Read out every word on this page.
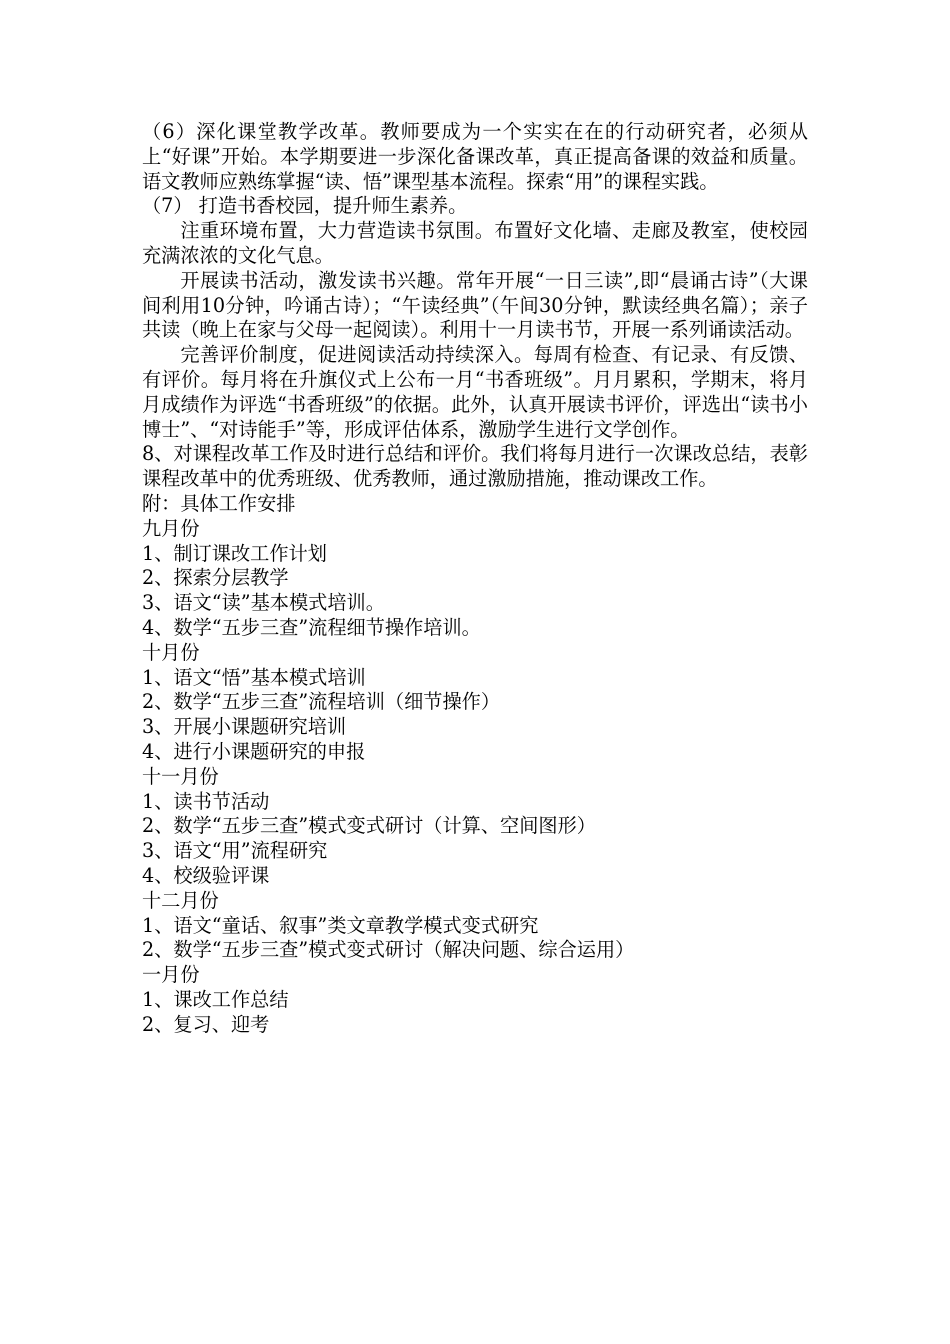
（6）深化课堂教学改革。教师要成为一个实实在在的行动研究者，必须从上“好课”开始。本学期要进一步深化备课改革，真正提高备课的效益和质量。语文教师应熟练掌握“读、悟”课型基本流程。探索“用”的课程实践。

（7） 打造书香校园，提升师生素养。

注重环境布置，大力营造读书氛围。布置好文化墙、走廊及教室，使校园充满浓浓的文化气息。

开展读书活动，激发读书兴趣。常年开展“一日三读”,即“晨诵古诗”（大课间利用10分钟，吟诵古诗）；“午读经典”（午间30分钟，默读经典名篇）；亲子共读（晚上在家与父母一起阅读）。利用十一月读书节，开展一系列诵读活动。

完善评价制度，促进阅读活动持续深入。每周有检查、有记录、有反馈、有评价。每月将在升旗仪式上公布一月“书香班级”。月月累积，学期末，将月月成绩作为评选“书香班级”的依据。此外，认真开展读书评价，评选出“读书小博士”、“对诗能手”等，形成评估体系，激励学生进行文学创作。

8、对课程改革工作及时进行总结和评价。我们将每月进行一次课改总结，表彰课程改革中的优秀班级、优秀教师，通过激励措施，推动课改工作。

附：具体工作安排

九月份

1、制订课改工作计划

2、探索分层教学

3、语文“读”基本模式培训。

4、数学“五步三查”流程细节操作培训。

十月份

1、语文“悟”基本模式培训

2、数学“五步三查”流程培训（细节操作）

3、开展小课题研究培训

4、进行小课题研究的申报

十一月份

1、读书节活动

2、数学“五步三查”模式变式研讨（计算、空间图形）

3、语文“用”流程研究

4、校级验评课

十二月份

1、语文“童话、叙事”类文章教学模式变式研究

2、数学“五步三查”模式变式研讨（解决问题、综合运用）

一月份

1、课改工作总结

2、复习、迎考
